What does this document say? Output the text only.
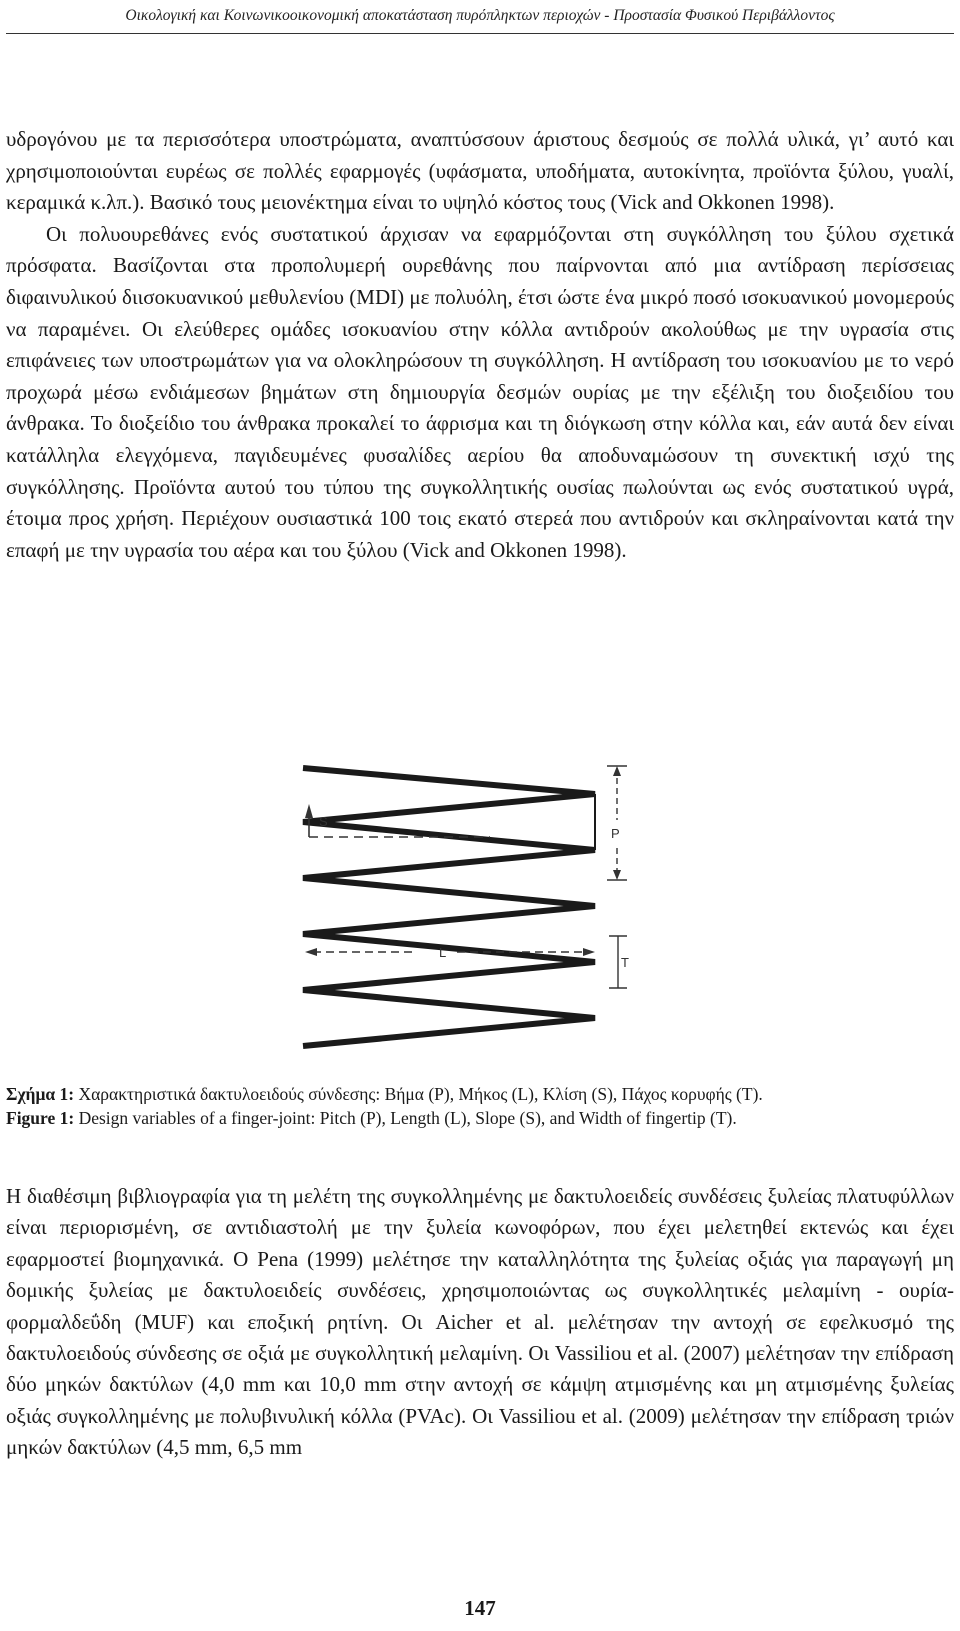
Οικολογική και Κοινωνικοοικονομική αποκατάσταση πυρόπληκτων περιοχών - Προστασία Φυσικού Περιβάλλοντος

υδρογόνου με τα περισσότερα υποστρώματα, αναπτύσσουν άριστους δεσμούς σε πολλά υλικά, γι’ αυτό και χρησιμοποιούνται ευρέως σε πολλές εφαρμογές (υφάσματα, υποδήματα, αυτοκίνητα, προϊόντα ξύλου, γυαλί, κεραμικά κ.λπ.). Βασικό τους μειονέκτημα είναι το υψηλό κόστος τους (Vick and Okkonen 1998).

Οι πολυουρεθάνες ενός συστατικού άρχισαν να εφαρμόζονται στη συγκόλληση του ξύλου σχετικά πρόσφατα. Βασίζονται στα προπολυμερή ουρεθάνης που παίρνονται από μια αντίδραση περίσσειας διφαινυλικού διισοκυανικού μεθυλενίου (MDI) με πολυόλη, έτσι ώστε ένα μικρό ποσό ισοκυανικού μονομερούς να παραμένει. Οι ελεύθερες ομάδες ισοκυανίου στην κόλλα αντιδρούν ακολούθως με την υγρασία στις επιφάνειες των υποστρωμάτων για να ολοκληρώσουν τη συγκόλληση. Η αντίδραση του ισοκυανίου με το νερό προχωρά μέσω ενδιάμεσων βημάτων στη δημιουργία δεσμών ουρίας με την εξέλιξη του διοξειδίου του άνθρακα. Το διοξείδιο του άνθρακα προκαλεί το άφρισμα και τη διόγκωση στην κόλλα και, εάν αυτά δεν είναι κατάλληλα ελεγχόμενα, παγιδευμένες φυσαλίδες αερίου θα αποδυναμώσουν τη συνεκτική ισχύ της συγκόλλησης. Προϊόντα αυτού του τύπου της συγκολλητικής ουσίας πωλούνται ως ενός συστατικού υγρά, έτοιμα προς χρήση. Περιέχουν ουσιαστικά 100 τοις εκατό στερεά που αντιδρούν και σκληραίνονται κατά την επαφή με την υγρασία του αέρα και του ξύλου (Vick and Okkonen 1998).

S
P
L
T
Σχήμα 1: Χαρακτηριστικά δακτυλοειδούς σύνδεσης: Βήμα (P), Μήκος (L), Κλίση (S), Πάχος κορυφής (T).
Figure 1: Design variables of a finger-joint: Pitch (P), Length (L), Slope (S), and Width of fingertip (T).

Η διαθέσιμη βιβλιογραφία για τη μελέτη της συγκολλημένης με δακτυλοειδείς συνδέσεις ξυλείας πλατυφύλλων είναι περιορισμένη, σε αντιδιαστολή με την ξυλεία κωνοφόρων, που έχει μελετηθεί εκτενώς και έχει εφαρμοστεί βιομηχανικά. Ο Pena (1999) μελέτησε την καταλληλότητα της ξυλείας οξιάς για παραγωγή μη δομικής ξυλείας με δακτυλοειδείς συνδέσεις, χρησιμοποιώντας ως συγκολλητικές μελαμίνη - ουρία- φορμαλδεΰδη (MUF) και εποξική ρητίνη. Οι Aicher et al. μελέτησαν την αντοχή σε εφελκυσμό της δακτυλοειδούς σύνδεσης σε οξιά με συγκολλητική μελαμίνη. Οι Vassiliou et al. (2007) μελέτησαν την επίδραση δύο μηκών δακτύλων (4,0 mm και 10,0 mm στην αντοχή σε κάμψη ατμισμένης και μη ατμισμένης ξυλείας οξιάς συγκολλημένης με πολυβινυλική κόλλα (PVAc). Οι Vassiliou et al. (2009) μελέτησαν την επίδραση τριών μηκών δακτύλων (4,5 mm, 6,5 mm

147
